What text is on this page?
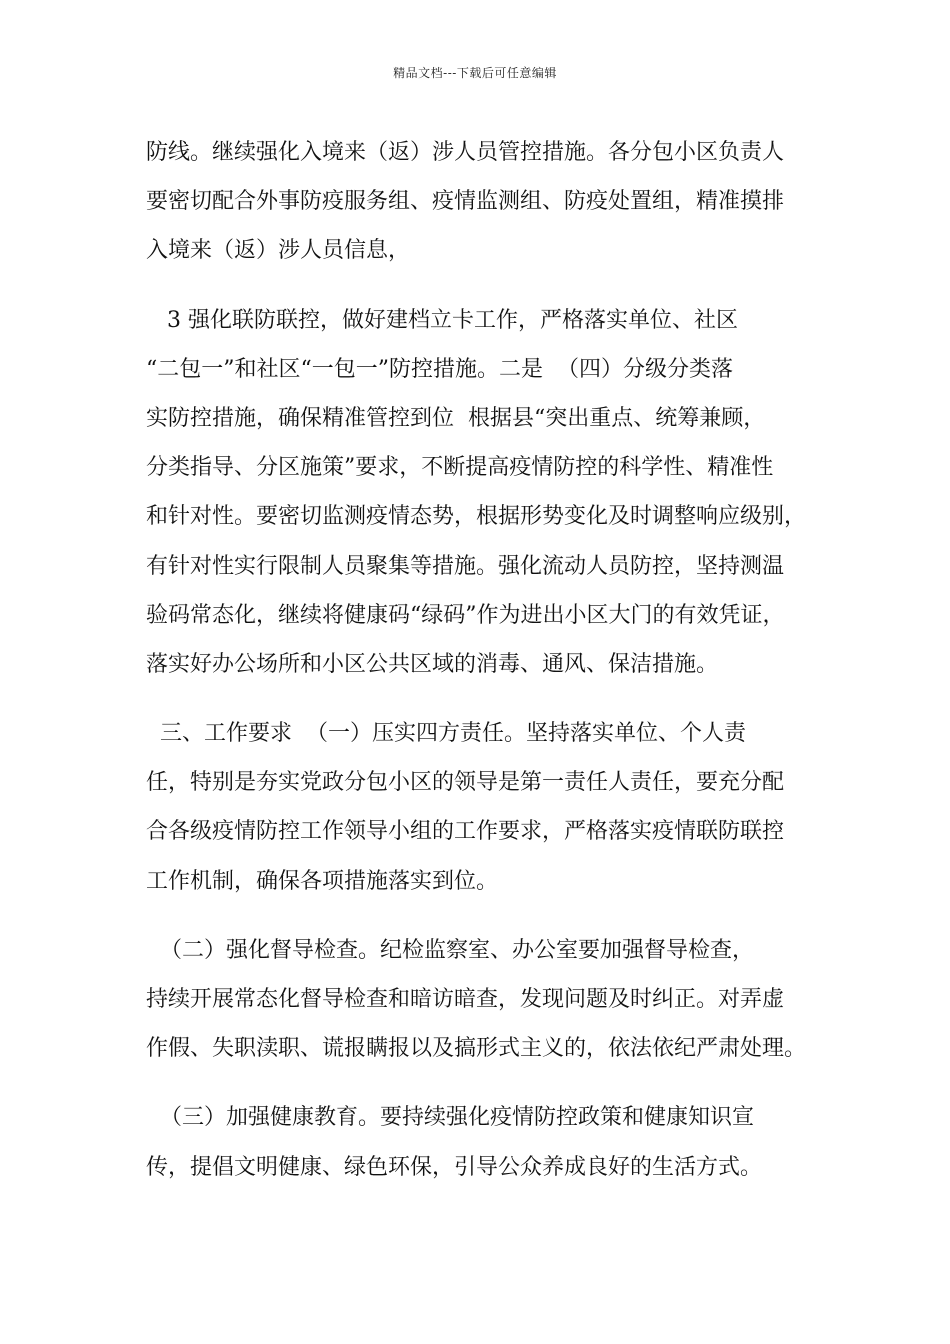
精品文档---下载后可任意编辑
防线。继续强化入境来（返）涉人员管控措施。各分包小区负责人
要密切配合外事防疫服务组、疫情监测组、防疫处置组，精准摸排
入境来（返）涉人员信息，
3 强化联防联控，做好建档立卡工作，严格落实单位、社区
“二包一”和社区“一包一”防控措施。二是  （四）分级分类落
实防控措施，确保精准管控到位  根据县“突出重点、统筹兼顾，
分类指导、分区施策”要求，不断提高疫情防控的科学性、精准性
和针对性。要密切监测疫情态势，根据形势变化及时调整响应级别，
有针对性实行限制人员聚集等措施。强化流动人员防控，坚持测温
验码常态化，继续将健康码“绿码”作为进出小区大门的有效凭证，
落实好办公场所和小区公共区域的消毒、通风、保洁措施。
三、工作要求  （一）压实四方责任。坚持落实单位、个人责
任，特别是夯实党政分包小区的领导是第一责任人责任，要充分配
合各级疫情防控工作领导小组的工作要求，严格落实疫情联防联控
工作机制，确保各项措施落实到位。
（二）强化督导检查。纪检监察室、办公室要加强督导检查，
持续开展常态化督导检查和暗访暗查，发现问题及时纠正。对弄虚
作假、失职渎职、谎报瞒报以及搞形式主义的，依法依纪严肃处理。
（三）加强健康教育。要持续强化疫情防控政策和健康知识宣
传，提倡文明健康、绿色环保，引导公众养成良好的生活方式。
